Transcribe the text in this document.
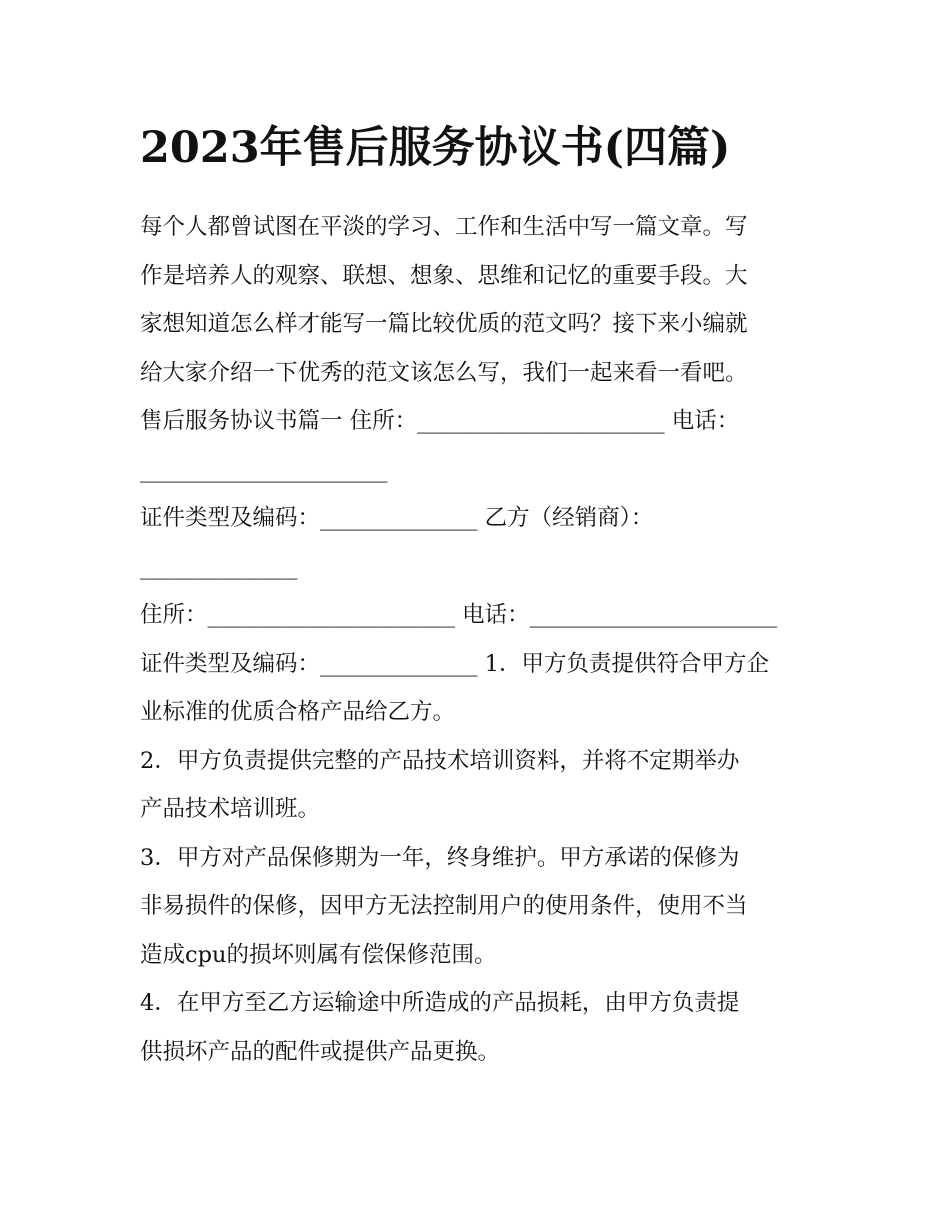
2023年售后服务协议书(四篇)
每个人都曾试图在平淡的学习、工作和生活中写一篇文章。写
作是培养人的观察、联想、想象、思维和记忆的重要手段。大
家想知道怎么样才能写一篇比较优质的范文吗？接下来小编就
给大家介绍一下优秀的范文该怎么写，我们一起来看一看吧。
售后服务协议书篇一 住所：______________________ 电话：
______________________
证件类型及编码：______________ 乙方（经销商）：
______________
住所：______________________ 电话：______________________
证件类型及编码：______________ 1．甲方负责提供符合甲方企
业标准的优质合格产品给乙方。
2．甲方负责提供完整的产品技术培训资料，并将不定期举办
产品技术培训班。
3．甲方对产品保修期为一年，终身维护。甲方承诺的保修为
非易损件的保修，因甲方无法控制用户的使用条件，使用不当
造成cpu的损坏则属有偿保修范围。
4．在甲方至乙方运输途中所造成的产品损耗，由甲方负责提
供损坏产品的配件或提供产品更换。
